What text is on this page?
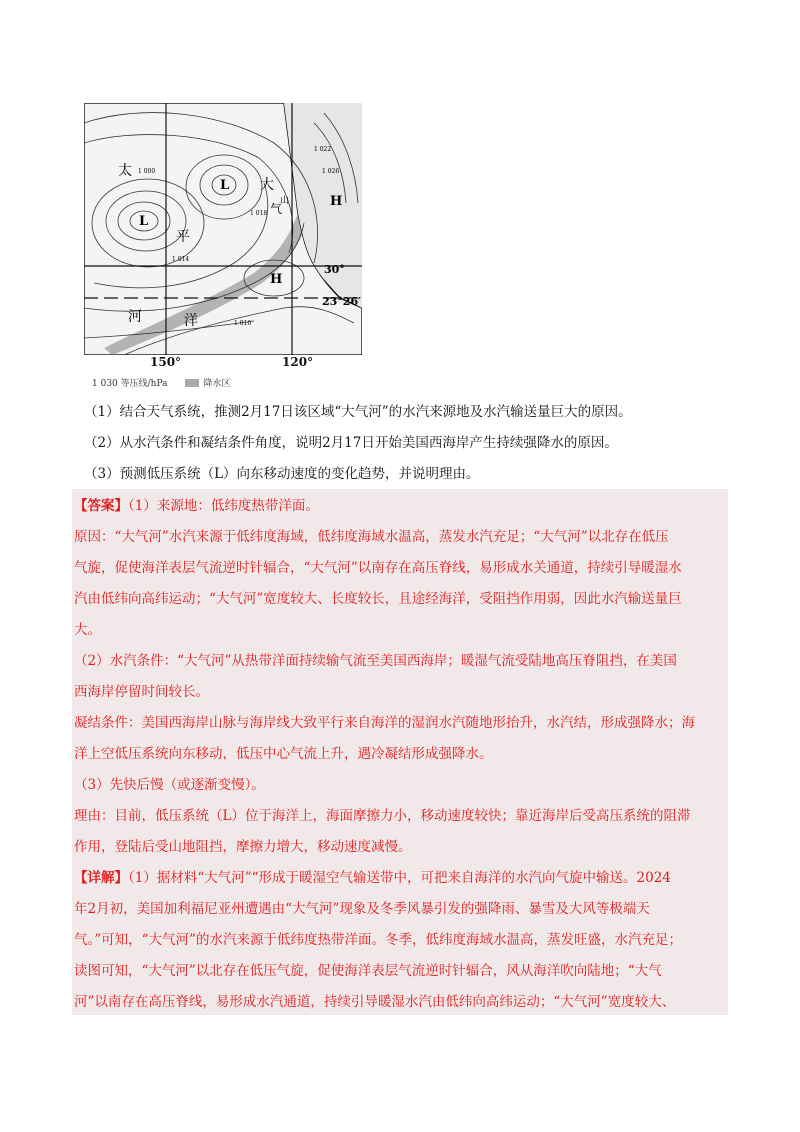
太
平
洋
河
大
气
山
L
L
H
H
30°
23°26′
1 018
1 022
1 026
1 014
1 000
1 016
150°	120°
1 030 等压线/hPa	降水区
（1）结合天气系统，推测2月17日该区域“大气河”的水汽来源地及水汽输送量巨大的原因。
（2）从水汽条件和凝结条件角度，说明2月17日开始美国西海岸产生持续强降水的原因。
（3）预测低压系统（L）向东移动速度的变化趋势，并说明理由。

【答案】（1）来源地：低纬度热带洋面。

原因：“大气河”水汽来源于低纬度海域，低纬度海域水温高，蒸发水汽充足；“大气河”以北存在低压

气旋，促使海洋表层气流逆时针辐合，“大气河”以南存在高压脊线，易形成水关通道，持续引导暖湿水

汽由低纬向高纬运动；“大气河”宽度较大、长度较长，且途经海洋，受阻挡作用弱，因此水汽输送量巨

大。

（2）水汽条件：“大气河”从热带洋面持续输气流至美国西海岸；暖湿气流受陆地高压脊阻挡，在美国

西海岸停留时间较长。

凝结条件：美国西海岸山脉与海岸线大致平行来自海洋的湿润水汽随地形抬升，水汽结，形成强降水；海

洋上空低压系统向东移动，低压中心气流上升，遇冷凝结形成强降水。

（3）先快后慢（或逐渐变慢）。

理由：目前，低压系统（L）位于海洋上，海面摩擦力小，移动速度较快；靠近海岸后受高压系统的阻滞

作用，登陆后受山地阻挡，摩擦力增大，移动速度减慢。

【详解】（1）据材料“大气河”“形成于暖湿空气输送带中，可把来自海洋的水汽向气旋中输送。2024

年2月初，美国加利福尼亚州遭遇由“大气河”现象及冬季风暴引发的强降雨、暴雪及大风等极端天

气。”可知，“大气河”的水汽来源于低纬度热带洋面。冬季，低纬度海域水温高，蒸发旺盛，水汽充足；

读图可知，“大气河”以北存在低压气旋，促使海洋表层气流逆时针辐合，风从海洋吹向陆地；“大气

河”以南存在高压脊线，易形成水汽通道，持续引导暖湿水汽由低纬向高纬运动；“大气河”宽度较大、
